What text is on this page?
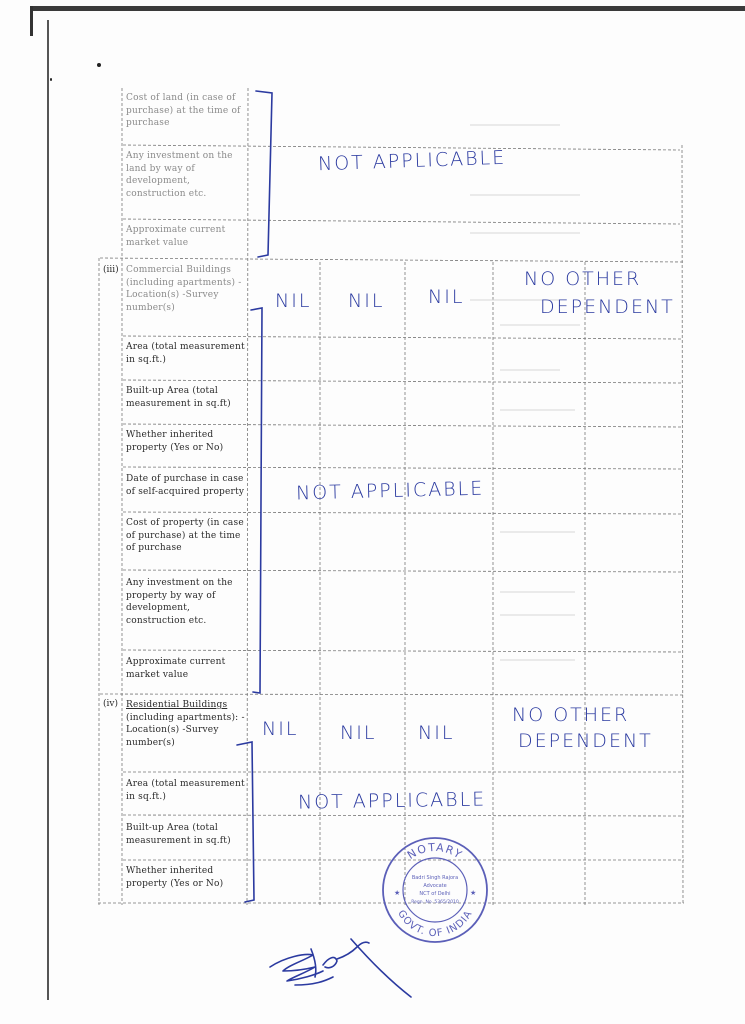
Cost of land (in case of purchase) at the time of purchase
Any investment on the land by way of development, construction etc.
Approximate current market value
(iii) Commercial Buildings (including apartments) -Location(s) -Survey number(s)
Area (total measurement in sq.ft.)
Built-up Area (total measurement in sq.ft)
Whether inherited property (Yes or No)
Date of purchase in case of self-acquired property
Cost of property (in case of purchase) at the time of purchase
Any investment on the property by way of development, construction etc.
Approximate current market value
(iv) Residential Buildings (including apartments): -Location(s) -Survey number(s)
Area (total measurement in sq.ft.)
Built-up Area (total measurement in sq.ft)
Whether inherited property (Yes or No)
NOT APPLICABLE
NIL NIL NIL
NO OTHER
DEPENDENT
NOT APPLICABLE
NIL NIL NIL
NO OTHER
DEPENDENT
NOT APPLICABLE
NOTARY
GOVT. OF INDIA
Badri Singh Rajora
Advocate
NCT of Delhi
Regn. No. 5365/2010
★	★
